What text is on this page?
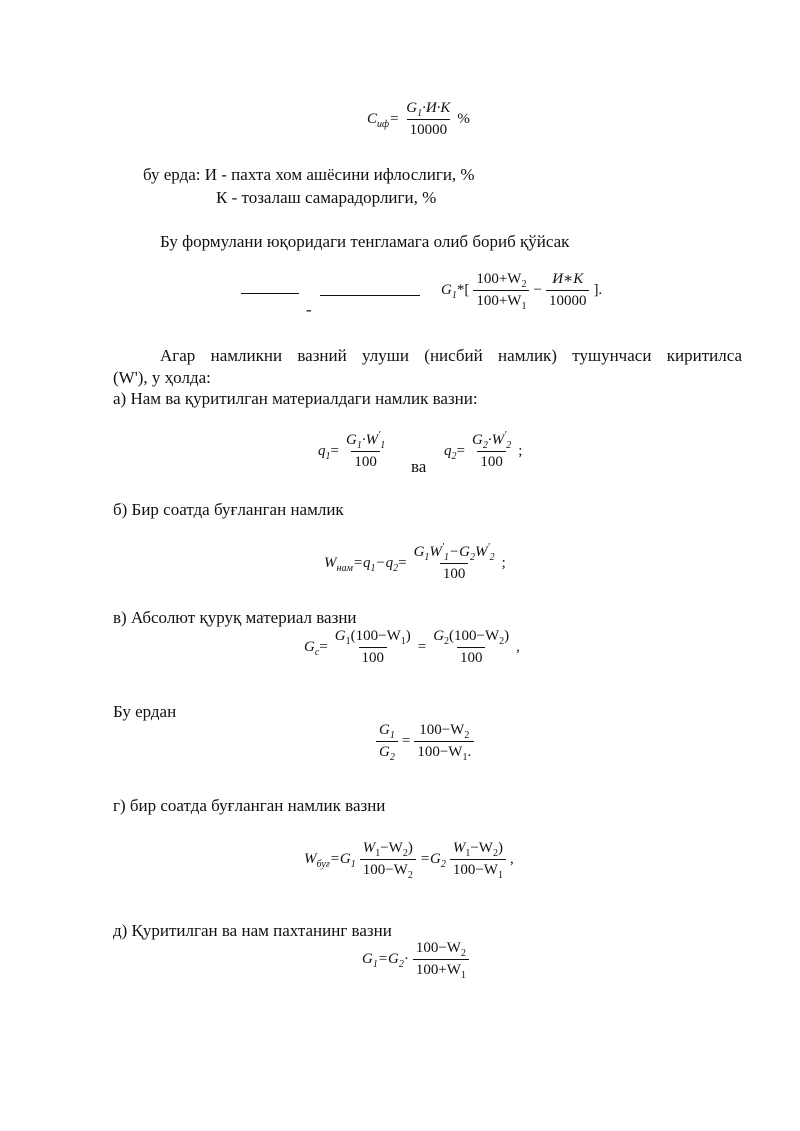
$C_{иф}= \frac{G_1\cdot И\cdot К}{10000}$ %
бу ерда: И - пахта хом ашёсини ифлослиги, %
К - тозалаш самарадорлиги, %
Бу формулани юқоридаги тенгламага олиб бориб қўйсак
-
$G_1*[ \frac{100+W_2}{100+W_1} - \frac{И∗К}{10000}$ ].
Агар намликни вазний улуши (нисбий намлик) тушунчаси киритилса
(W'), у ҳолда:
а) Нам ва қуритилган материалдаги намлик вазни:
$q_1= \frac{G_1\cdot W'_1}{100}$ ва
$q_2= \frac{G_2\cdot W'_2}{100}$ ;
б) Бир соатда буғланган намлик
$W_{нам}=q_1-q_2= \frac{G_1W'_1-G_2W'_2}{100}$ ;
в) Абсолют қуруқ материал вазни
$G_c= \frac{G_1(100-W_1)}{100} = \frac{G_2(100-W_2)}{100}$ ,
Бу ердан
$\frac{G_1}{G_2} = \frac{100-W_2}{100-W_1.}$
г) бир соатда буғланган намлик вазни
$W_{буғ}=G_1 \frac{W_1-W_2)}{100-W_2} =G_2 \frac{W_1-W_2)}{100-W_1}$ ,
д) Қуритилган ва нам пахтанинг вазни
$G_1=G_2\cdot \frac{100-W_2}{100+W_1}$
